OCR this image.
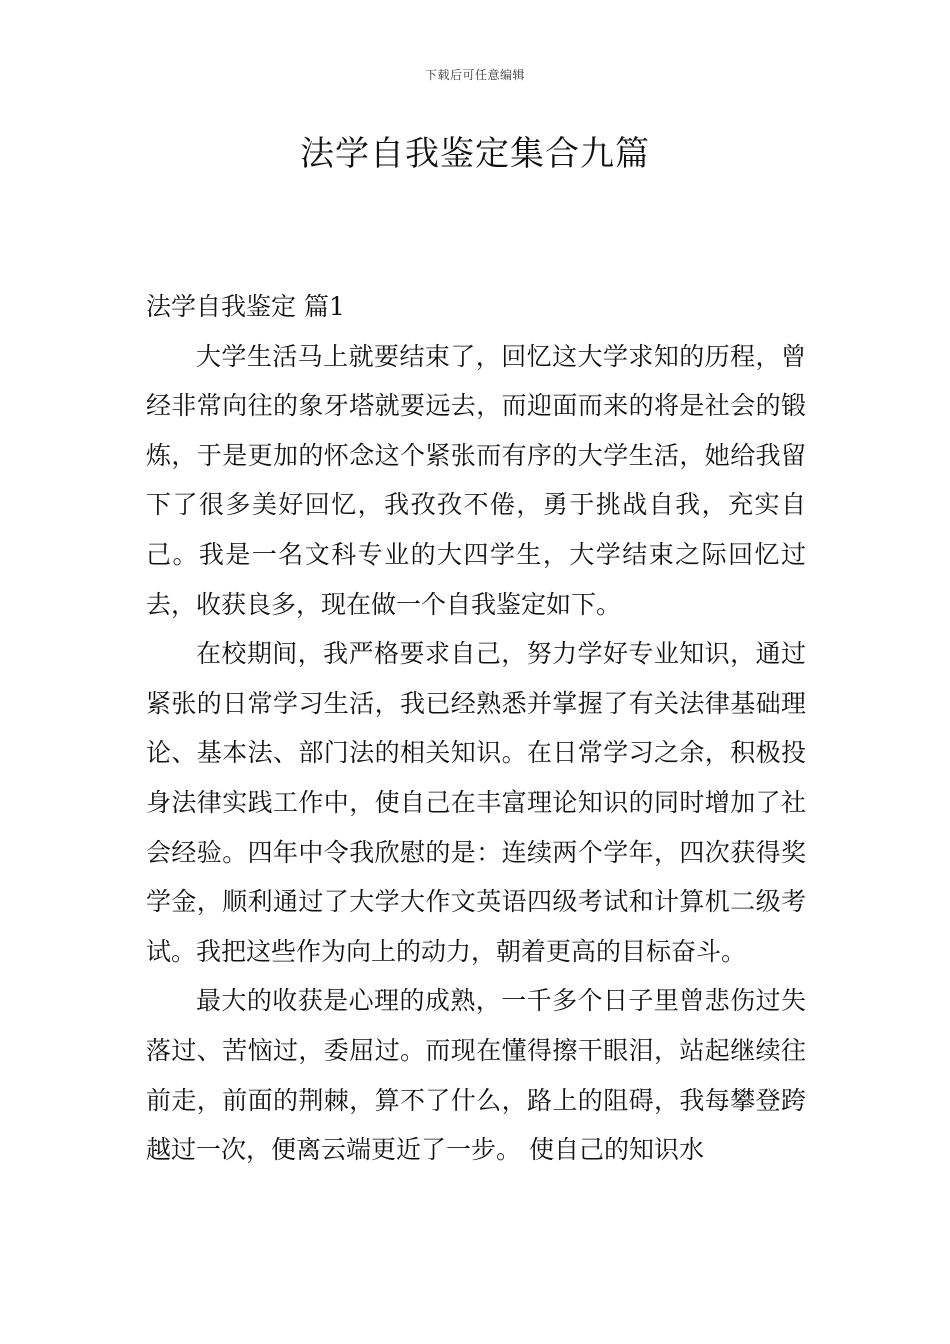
下载后可任意编辑
法学自我鉴定集合九篇

法学自我鉴定 篇1

大学生活马上就要结束了，回忆这大学求知的历程，曾经非常向往的象牙塔就要远去，而迎面而来的将是社会的锻炼，于是更加的怀念这个紧张而有序的大学生活，她给我留下了很多美好回忆，我孜孜不倦，勇于挑战自我，充实自己。我是一名文科专业的大四学生，大学结束之际回忆过去，收获良多，现在做一个自我鉴定如下。

在校期间，我严格要求自己，努力学好专业知识，通过紧张的日常学习生活，我已经熟悉并掌握了有关法律基础理论、基本法、部门法的相关知识。在日常学习之余，积极投身法律实践工作中，使自己在丰富理论知识的同时增加了社会经验。四年中令我欣慰的是：连续两个学年，四次获得奖学金，顺利通过了大学大作文英语四级考试和计算机二级考试。我把这些作为向上的动力，朝着更高的目标奋斗。

最大的收获是心理的成熟，一千多个日子里曾悲伤过失落过、苦恼过，委屈过。而现在懂得擦干眼泪，站起继续往前走，前面的荆棘，算不了什么，路上的阻碍，我每攀登跨越过一次，便离云端更近了一步。 使自己的知识水
